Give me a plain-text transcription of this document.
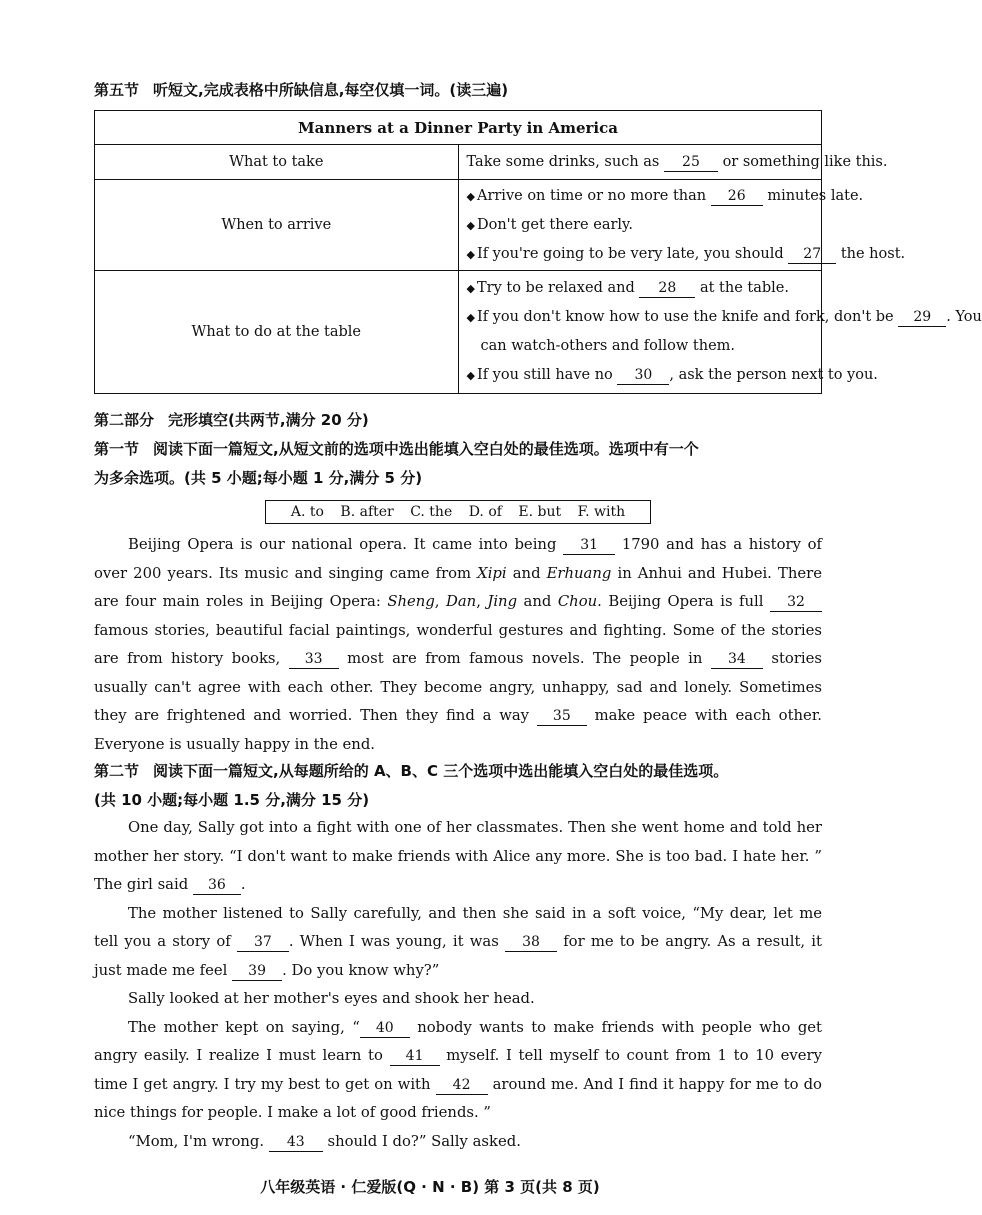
第五节 听短文,完成表格中所缺信息,每空仅填一词。(读三遍)
Manners at a Dinner Party in America	
What to take	Take some drinks, such as 25 or something like this.

When to arrive	◆ Arrive on time or no more than 26 minutes late.
◆ Don't get there early.
◆ If you're going to be very late, you should 27 the host.

What to do at the table	◆ Try to be relaxed and 28 at the table.
◆ If you don't know how to use the knife and fork, don't be 29 . You
can watch-others and follow them.
◆ If you still have no 30 , ask the person next to you.
第二部分 完形填空(共两节,满分 20 分)
第一节 阅读下面一篇短文,从短文前的选项中选出能填入空白处的最佳选项。选项中有一个
为多余选项。(共 5 小题;每小题 1 分,满分 5 分)
A. to B. after C. the D. of E. but F. with
Beijing Opera is our national opera. It came into being 31 1790 and has a history of over 200 years. Its music and singing came from Xipi and Erhuang in Anhui and Hubei. There are four main roles in Beijing Opera: Sheng, Dan, Jing and Chou. Beijing Opera is full 32 famous stories, beautiful facial paintings, wonderful gestures and fighting. Some of the stories are from history books, 33 most are from famous novels. The people in 34 stories usually can't agree with each other. They become angry, unhappy, sad and lonely. Sometimes they are frightened and worried. Then they find a way 35 make peace with each other. Everyone is usually happy in the end.
第二节 阅读下面一篇短文,从每题所给的 A、B、C 三个选项中选出能填入空白处的最佳选项。
(共 10 小题;每小题 1.5 分,满分 15 分)
One day, Sally got into a fight with one of her classmates. Then she went home and told her mother her story. “I don't want to make friends with Alice any more. She is too bad. I hate her. ” The girl said 36 .
The mother listened to Sally carefully, and then she said in a soft voice, “My dear, let me tell you a story of 37 . When I was young, it was 38 for me to be angry. As a result, it just made me feel 39 . Do you know why?”
Sally looked at her mother's eyes and shook her head.
The mother kept on saying, “ 40 nobody wants to make friends with people who get angry easily. I realize I must learn to 41 myself. I tell myself to count from 1 to 10 every time I get angry. I try my best to get on with 42 around me. And I find it happy for me to do nice things for people. I make a lot of good friends. ”
“Mom, I'm wrong. 43 should I do?” Sally asked.
八年级英语 · 仁爱版(Q · N · B) 第 3 页(共 8 页)
